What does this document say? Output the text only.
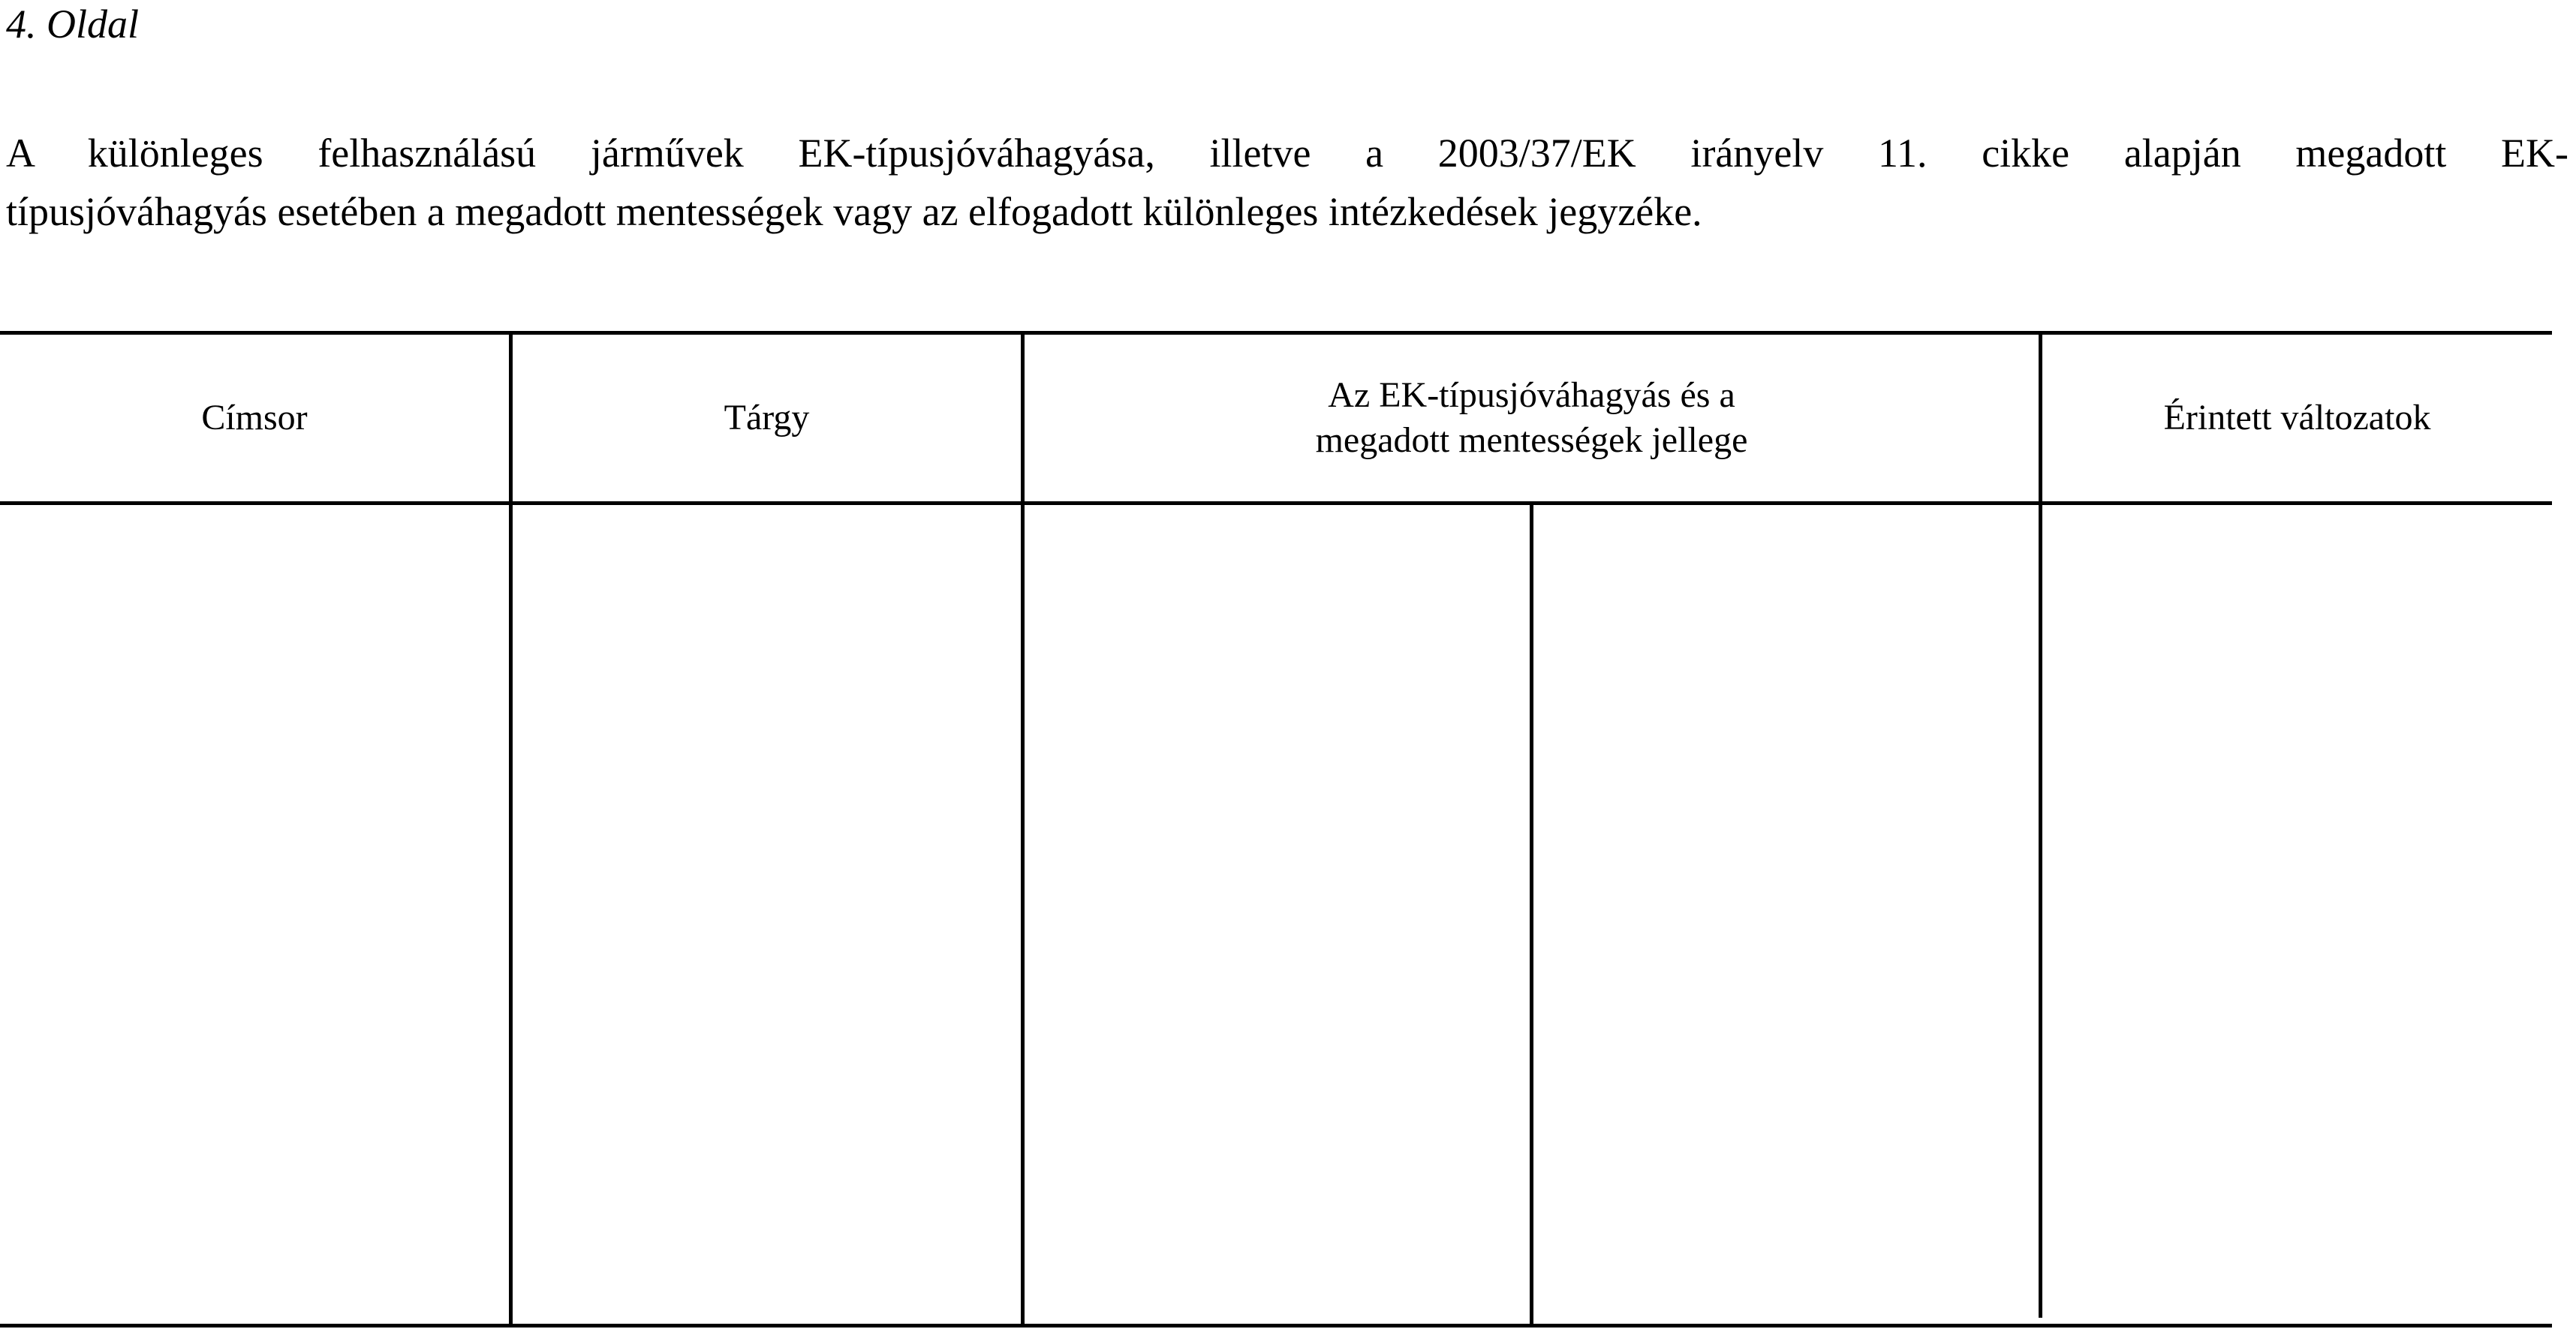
4. Oldal
A különleges felhasználású járművek EK-típusjóváhagyása, illetve a 2003/37/EK irányelv 11. cikke alapján megadott EK-
típusjóváhagyás esetében a megadott mentességek vagy az elfogadott különleges intézkedések jegyzéke.
Címsor	Tárgy
Az EK-típusjóváhagyás és a
megadott mentességek jellege
Érintett változatok
